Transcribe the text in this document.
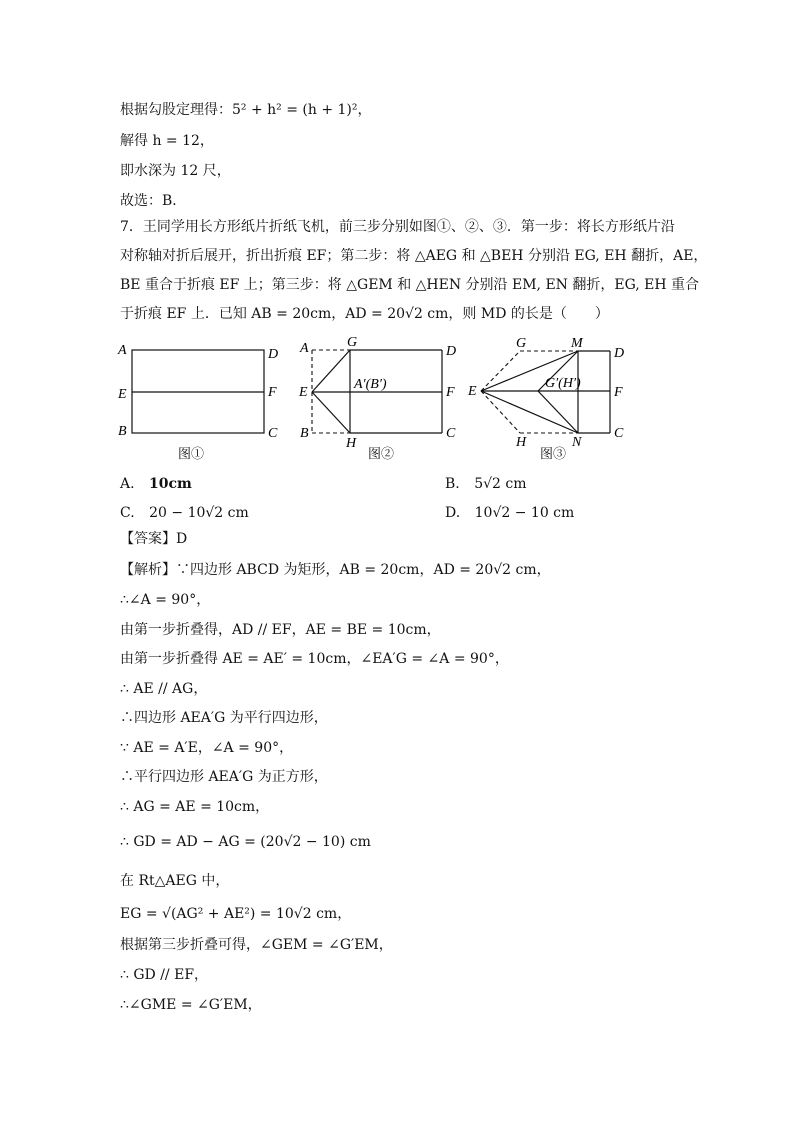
根据勾股定理得：5² + h² = (h + 1)²，
解得 h = 12，
即水深为 12 尺，
故选：B．
7．王同学用长方形纸片折纸飞机，前三步分别如图①、②、③．第一步：将长方形纸片沿
对称轴对折后展开，折出折痕 EF；第二步：将 △AEG 和 △BEH 分别沿 EG, EH 翻折，AE，
BE 重合于折痕 EF 上；第三步：将 △GEM 和 △HEN 分别沿 EM, EN 翻折，EG, EH 重合
于折痕 EF 上．已知 AB = 20cm，AD = 20√2 cm，则 MD 的长是（　　）
A	D
E	F
B	C
图①
A	G
D
E
A′(B′)
F
B
H
C
图②
G	M
D
E
G′(H′)
F
H	N
C
图③
A. 10cm	B. 5√2 cm
C. 20 − 10√2 cm	D. 10√2 − 10 cm
【答案】D
【解析】∵四边形 ABCD 为矩形，AB = 20cm，AD = 20√2 cm，
∴∠A = 90°，
由第一步折叠得，AD // EF，AE = BE = 10cm，
由第一步折叠得 AE = AE′ = 10cm，∠EA′G = ∠A = 90°，
∴ AE // AG，
∴四边形 AEA′G 为平行四边形，
∵ AE = A′E，∠A = 90°，
∴平行四边形 AEA′G 为正方形，
∴ AG = AE = 10cm，
∴ GD = AD − AG = (20√2 − 10) cm
在 Rt△AEG 中，
EG = √(AG² + AE²) = 10√2 cm，
根据第三步折叠可得，∠GEM = ∠G′EM，
∴ GD // EF，
∴∠GME = ∠G′EM，
